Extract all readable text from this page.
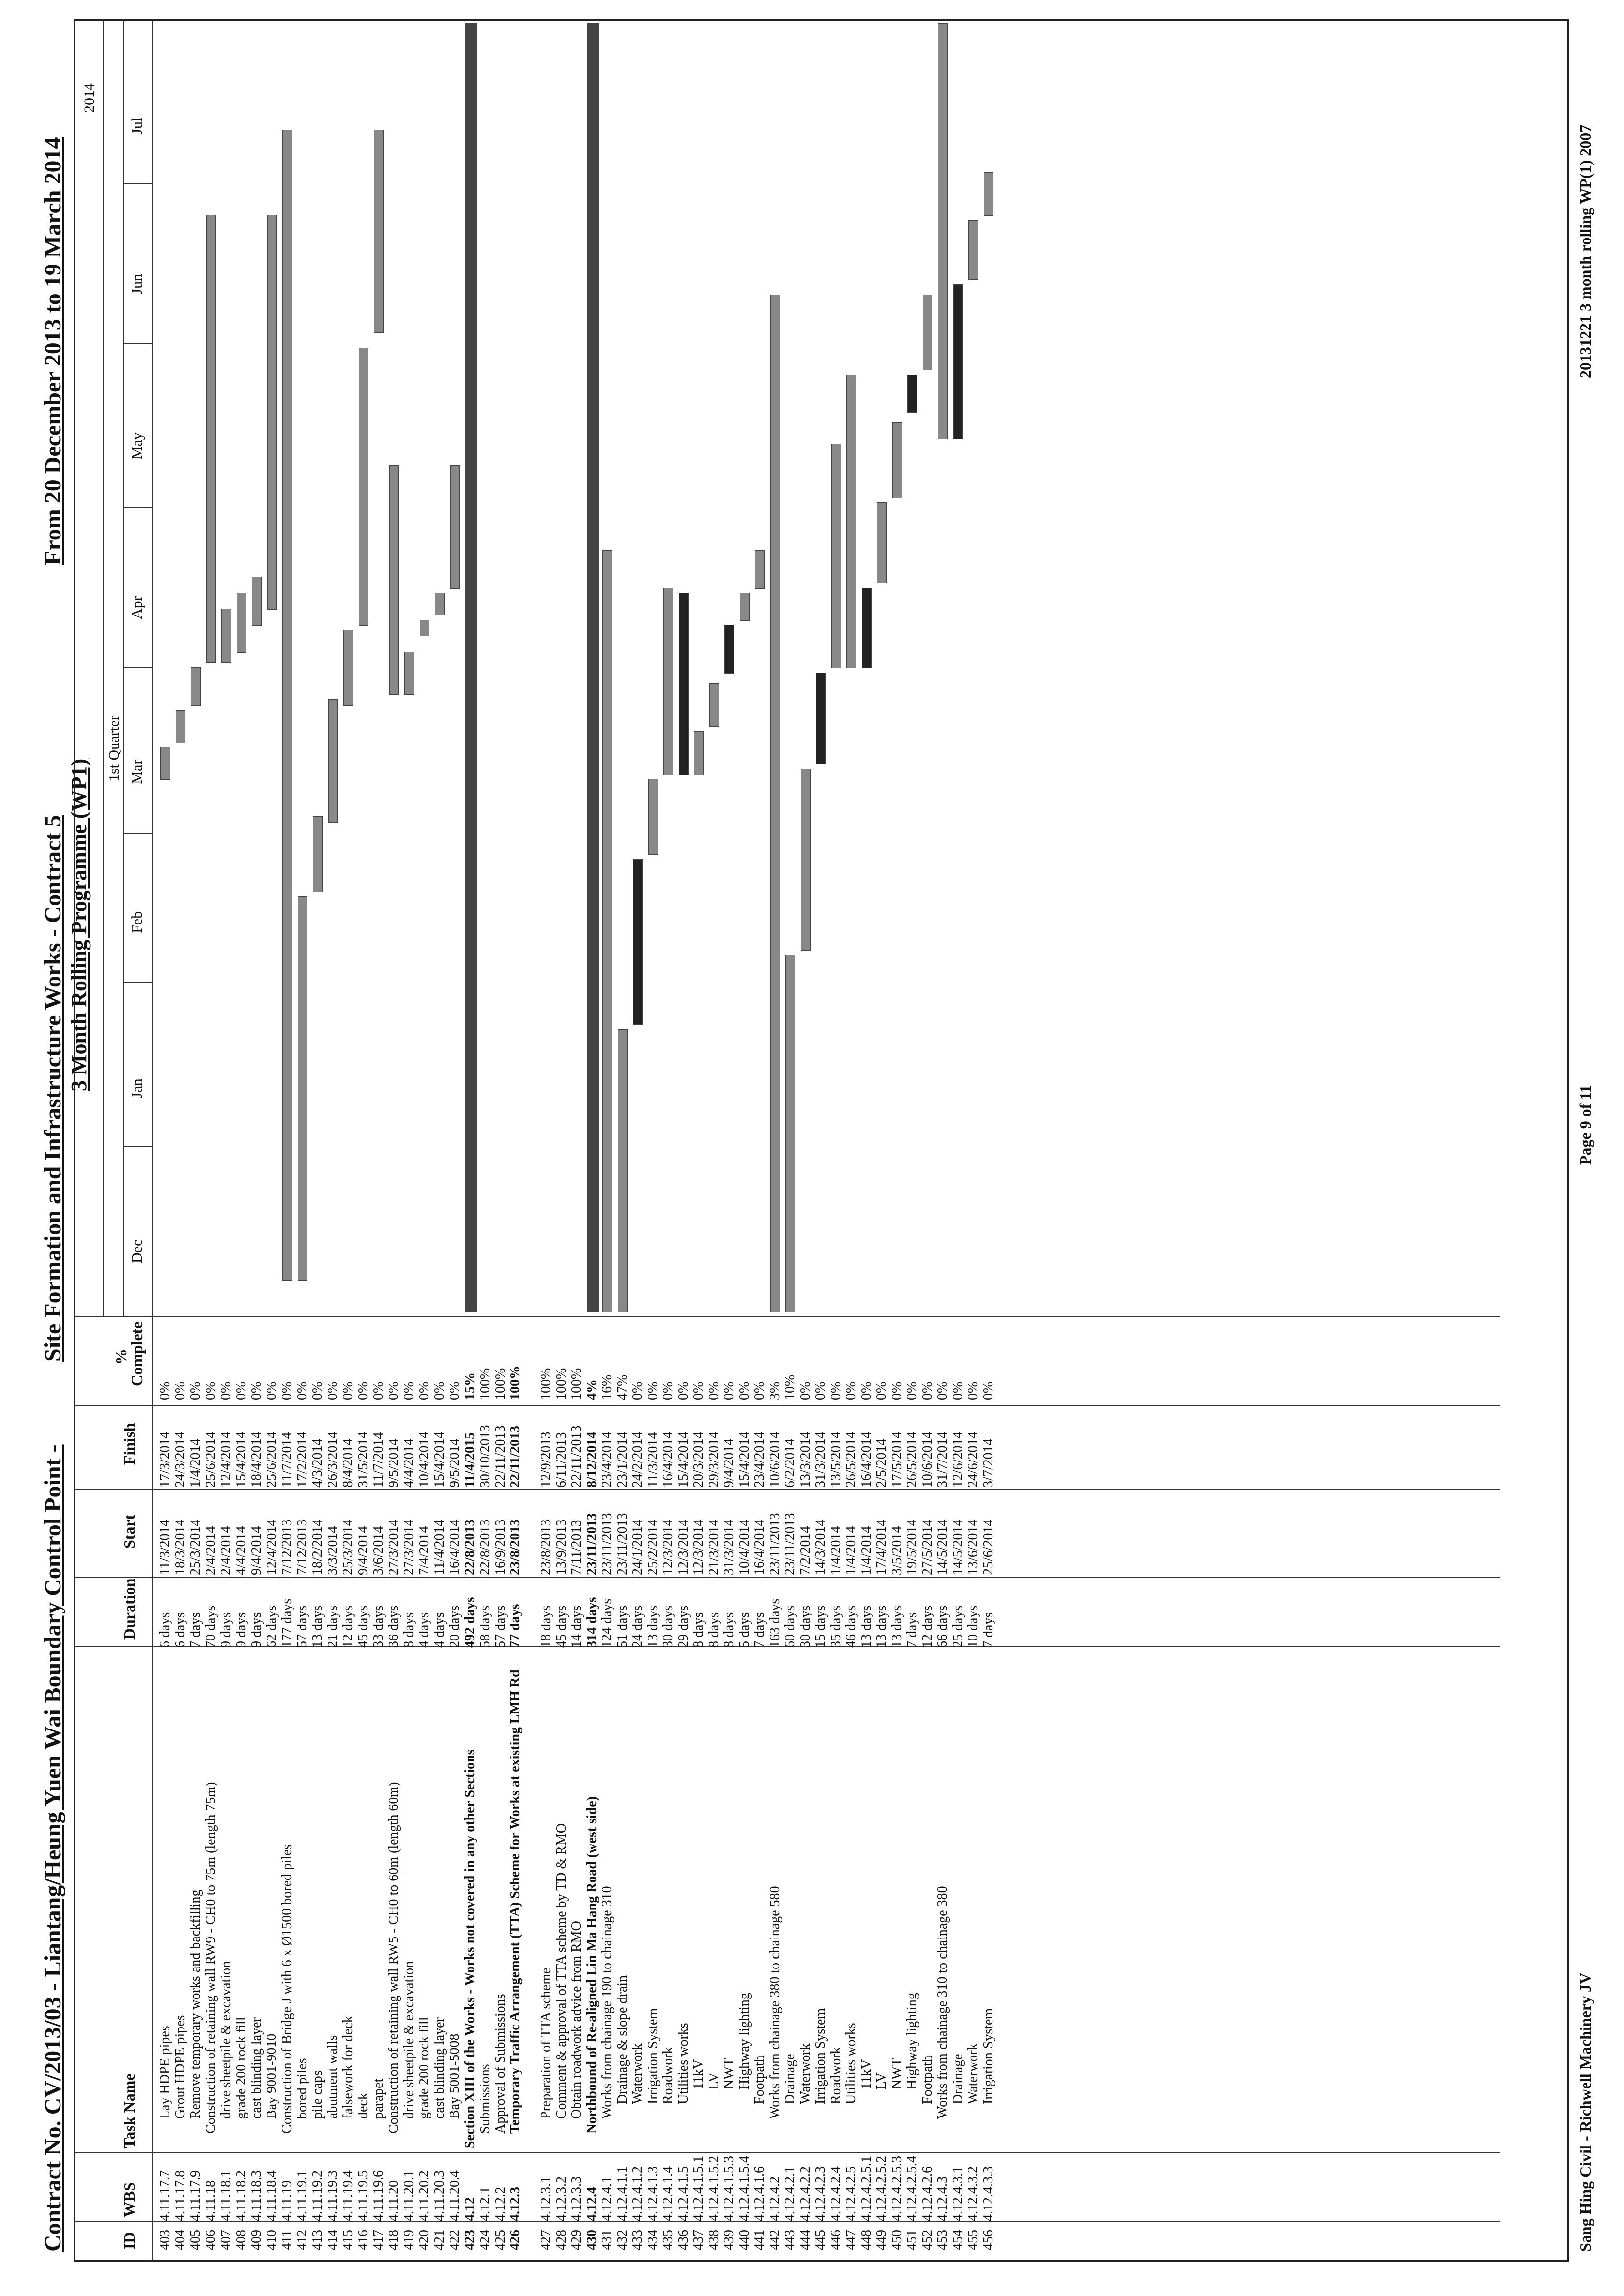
Contract No. CV/2013/03 - Liantang/Heung Yuen Wai Boundary Control Point -
Site Formation and Infrastructure Works - Contract 5 3 Month Rolling Programme (WP1)
From 20 December 2013 to 19 March 2014
ID
WBS
Task Name
Duration
Start
Finish
% Complete
2014
1st Quarter
Dec
Jan
Feb
Mar
Apr
May
Jun
Jul
403	4.11.17.7	Lay HDPE pipes	6 days	11/3/2014	17/3/2014	0%
404	4.11.17.8	Grout HDPE pipes	6 days	18/3/2014	24/3/2014	0%
405	4.11.17.9	Remove temporary works and backfilling	7 days	25/3/2014	1/4/2014	0%
406	4.11.18	Construction of retaining wall RW9 - CH0 to 75m (length 75m)	70 days	2/4/2014	25/6/2014	0%
407	4.11.18.1	drive sheetpile & excavation	9 days	2/4/2014	12/4/2014	0%
408	4.11.18.2	grade 200 rock fill	9 days	4/4/2014	15/4/2014	0%
409	4.11.18.3	cast blinding layer	9 days	9/4/2014	18/4/2014	0%
410	4.11.18.4	Bay 9001-9010	62 days	12/4/2014	25/6/2014	0%
411	4.11.19	Construction of Bridge J with 6 x Ø1500 bored piles	177 days	7/12/2013	11/7/2014	0%
412	4.11.19.1	bored piles	57 days	7/12/2013	17/2/2014	0%
413	4.11.19.2	pile caps	13 days	18/2/2014	4/3/2014	0%
414	4.11.19.3	abutment walls	21 days	3/3/2014	26/3/2014	0%
415	4.11.19.4	falsework for deck	12 days	25/3/2014	8/4/2014	0%
416	4.11.19.5	deck	45 days	9/4/2014	31/5/2014	0%
417	4.11.19.6	parapet	33 days	3/6/2014	11/7/2014	0%
418	4.11.20	Construction of retaining wall RW5 - CH0 to 60m (length 60m)	36 days	27/3/2014	9/5/2014	0%
419	4.11.20.1	drive sheetpile & excavation	8 days	27/3/2014	4/4/2014	0%
420	4.11.20.2	grade 200 rock fill	4 days	7/4/2014	10/4/2014	0%
421	4.11.20.3	cast blinding layer	4 days	11/4/2014	15/4/2014	0%
422	4.11.20.4	Bay 5001-5008	20 days	16/4/2014	9/5/2014	0%
423	4.12	Section XIII of the Works - Works not covered in any other Sections	492 days	22/8/2013	11/4/2015	15%
424	4.12.1	Submissions	58 days	22/8/2013	30/10/2013	100%
425	4.12.2	Approval of Submissions	57 days	16/9/2013	22/11/2013	100%
426	4.12.3	Temporary Traffic Arrangement (TTA) Scheme for Works at existing LMH Rd	77 days	23/8/2013	22/11/2013	100%
427	4.12.3.1	Preparation of TTA scheme	18 days	23/8/2013	12/9/2013	100%
428	4.12.3.2	Comment & approval of TTA scheme by TD & RMO	45 days	13/9/2013	6/11/2013	100%
429	4.12.3.3	Obtain roadwork advice from RMO	14 days	7/11/2013	22/11/2013	100%
430	4.12.4	Northbound of Re-aligned Lin Ma Hang Road (west side)	314 days	23/11/2013	8/12/2014	4%
431	4.12.4.1	Works from chainage 190 to chainage 310	124 days	23/11/2013	23/4/2014	16%
432	4.12.4.1.1	Drainage & slope drain	51 days	23/11/2013	23/1/2014	47%
433	4.12.4.1.2	Waterwork	24 days	24/1/2014	24/2/2014	0%
434	4.12.4.1.3	Irrigation System	13 days	25/2/2014	11/3/2014	0%
435	4.12.4.1.4	Roadwork	30 days	12/3/2014	16/4/2014	0%
436	4.12.4.1.5	Utilities works	29 days	12/3/2014	15/4/2014	0%
437	4.12.4.1.5.1	11kV	8 days	12/3/2014	20/3/2014	0%
438	4.12.4.1.5.2	LV	8 days	21/3/2014	29/3/2014	0%
439	4.12.4.1.5.3	NWT	8 days	31/3/2014	9/4/2014	0%
440	4.12.4.1.5.4	Highway lighting	5 days	10/4/2014	15/4/2014	0%
441	4.12.4.1.6	Footpath	7 days	16/4/2014	23/4/2014	0%
442	4.12.4.2	Works from chainage 380 to chainage 580	163 days	23/11/2013	10/6/2014	3%
443	4.12.4.2.1	Drainage	60 days	23/11/2013	6/2/2014	10%
444	4.12.4.2.2	Waterwork	30 days	7/2/2014	13/3/2014	0%
445	4.12.4.2.3	Irrigation System	15 days	14/3/2014	31/3/2014	0%
446	4.12.4.2.4	Roadwork	35 days	1/4/2014	13/5/2014	0%
447	4.12.4.2.5	Utilities works	46 days	1/4/2014	26/5/2014	0%
448	4.12.4.2.5.1	11kV	13 days	1/4/2014	16/4/2014	0%
449	4.12.4.2.5.2	LV	13 days	17/4/2014	2/5/2014	0%
450	4.12.4.2.5.3	NWT	13 days	3/5/2014	17/5/2014	0%
451	4.12.4.2.5.4	Highway lighting	7 days	19/5/2014	26/5/2014	0%
452	4.12.4.2.6	Footpath	12 days	27/5/2014	10/6/2014	0%
453	4.12.4.3	Works from chainage 310 to chainage 380	66 days	14/5/2014	31/7/2014	0%
454	4.12.4.3.1	Drainage	25 days	14/5/2014	12/6/2014	0%
455	4.12.4.3.2	Waterwork	10 days	13/6/2014	24/6/2014	0%
456	4.12.4.3.3	Irrigation System	7 days	25/6/2014	3/7/2014	0%
Sang Hing Civil - Richwell Machinery JV
Page 9 of 11
20131221 3 month rolling WP(1) 2007
